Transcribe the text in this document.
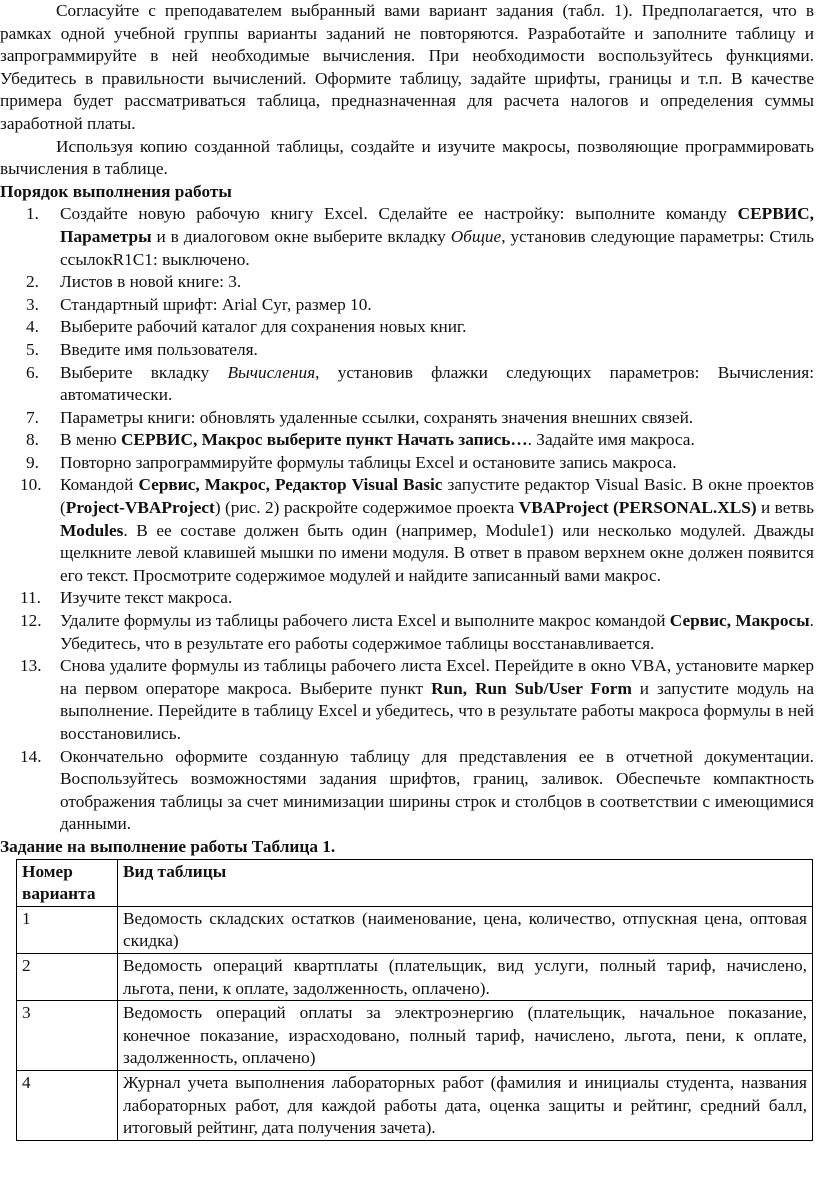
Согласуйте с преподавателем выбранный вами вариант задания (табл. 1). Предполагается, что в рамках одной учебной группы варианты заданий не повторяются. Разработайте и заполните таблицу и запрограммируйте в ней необходимые вычисления. При необходимости воспользуйтесь функциями. Убедитесь в правильности вычислений. Оформите таблицу, задайте шрифты, границы и т.п. В качестве примера будет рассматриваться таблица, предназначенная для расчета налогов и определения суммы заработной платы.

Используя копию созданной таблицы, создайте и изучите макросы, позволяющие программировать вычисления в таблице.

Порядок выполнения работы

1.	Создайте новую рабочую книгу Excel. Сделайте ее настройку: выполните команду СЕРВИС, Параметры и в диалоговом окне выберите вкладку Общие, установив следующие параметры: Стиль ссылокR1C1: выключено.
2.	Листов в новой книге: 3.
3.	Стандартный шрифт: Arial Cyr, размер 10.
4.	Выберите рабочий каталог для сохранения новых книг.
5.	Введите имя пользователя.
6.	Выберите вкладку Вычисления, установив флажки следующих параметров: Вычисления: автоматически.
7.	Параметры книги: обновлять удаленные ссылки, сохранять значения внешних связей.
8.	В меню СЕРВИС, Макрос выберите пункт Начать запись…. Задайте имя макроса.
9.	Повторно запрограммируйте формулы таблицы Excel и остановите запись макроса.
10.	Командой Сервис, Макрос, Редактор Visual Basic запустите редактор Visual Basic. В окне проектов (Project-VBAProject) (рис. 2) раскройте содержимое проекта VBAProject (PERSONAL.XLS) и ветвь Modules. В ее составе должен быть один (например, Module1) или несколько модулей. Дважды щелкните левой клавишей мышки по имени модуля. В ответ в правом верхнем окне должен появится его текст. Просмотрите содержимое модулей и найдите записанный вами макрос.
11.	Изучите текст макроса.
12.	Удалите формулы из таблицы рабочего листа Excel и выполните макрос командой Сервис, Макросы. Убедитесь, что в результате его работы содержимое таблицы восстанавливается.
13.	Снова удалите формулы из таблицы рабочего листа Excel. Перейдите в окно VBA, установите маркер на первом операторе макроса. Выберите пункт Run, Run Sub/User Form и запустите модуль на выполнение. Перейдите в таблицу Excel и убедитесь, что в результате работы макроса формулы в ней восстановились.
14.	Окончательно оформите созданную таблицу для представления ее в отчетной документации. Воспользуйтесь возможностями задания шрифтов, границ, заливок. Обеспечьте компактность отображения таблицы за счет минимизации ширины строк и столбцов в соответствии с имеющимися данными.

Задание на выполнение работы Таблица 1.

Номер варианта	Вид таблицы
1	Ведомость складских остатков (наименование, цена, количество, отпускная цена, оптовая скидка)
2	Ведомость операций квартплаты (плательщик, вид услуги, полный тариф, начислено, льгота, пени, к оплате, задолженность, оплачено).
3	Ведомость операций оплаты за электроэнергию (плательщик, начальное показание, конечное показание, израсходовано, полный тариф, начислено, льгота, пени, к оплате, задолженность, оплачено)
4	Журнал учета выполнения лабораторных работ (фамилия и инициалы студента, названия лабораторных работ, для каждой работы дата, оценка защиты и рейтинг, средний балл, итоговый рейтинг, дата получения зачета).
